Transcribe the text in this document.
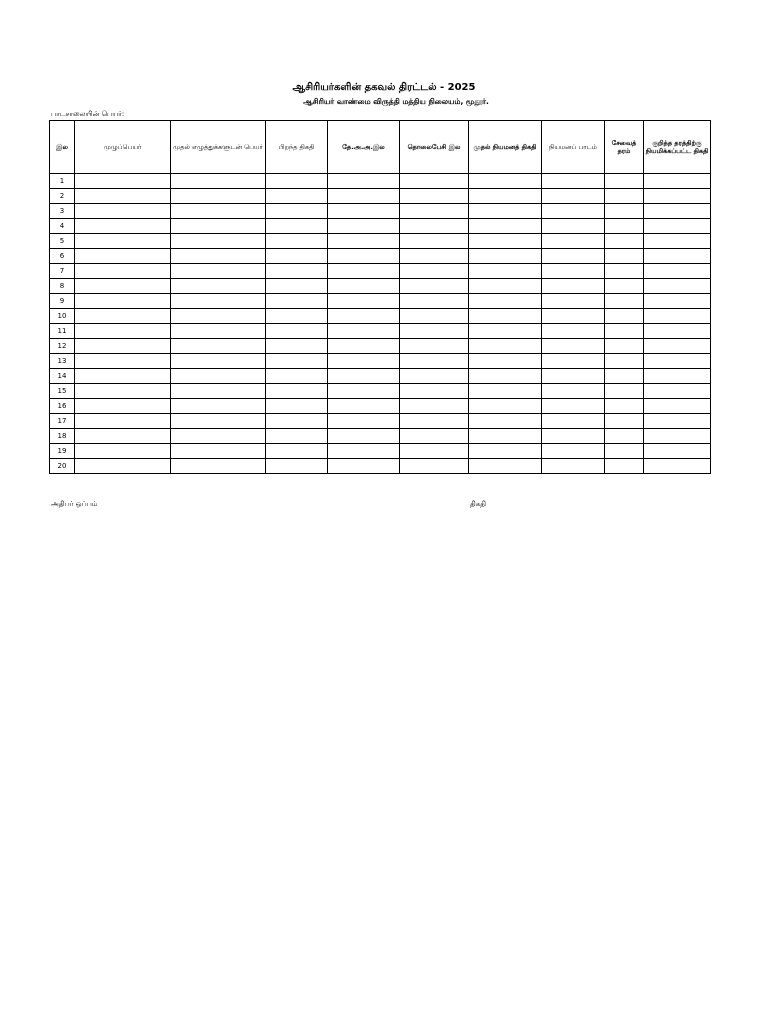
ஆசிரியர்களின் தகவல் திரட்டல் - 2025
ஆசிரியர் வாண்மை விருத்தி மத்திய நிலையம், மூதூர்.
பாடசாலையின் பெயர்:
இல	முழுப்பெயர்	முதல் எழுத்துக்களுடன் பெயர்	பிறந்த திகதி	தே.அ.அ.இல	தொலைபேசி இல	முதல் நியமனத் திகதி	நியமனப் பாடம்	சேவைத் தரம்	குறித்த தரத்திற்கு நியமிக்கப்பட்ட திகதி
1									
2									
3									
4									
5									
6									
7									
8									
9									
10									
11									
12									
13									
14									
15									
16									
17									
18									
19									
20									
அதிபர் ஒப்பம்	திகதி
